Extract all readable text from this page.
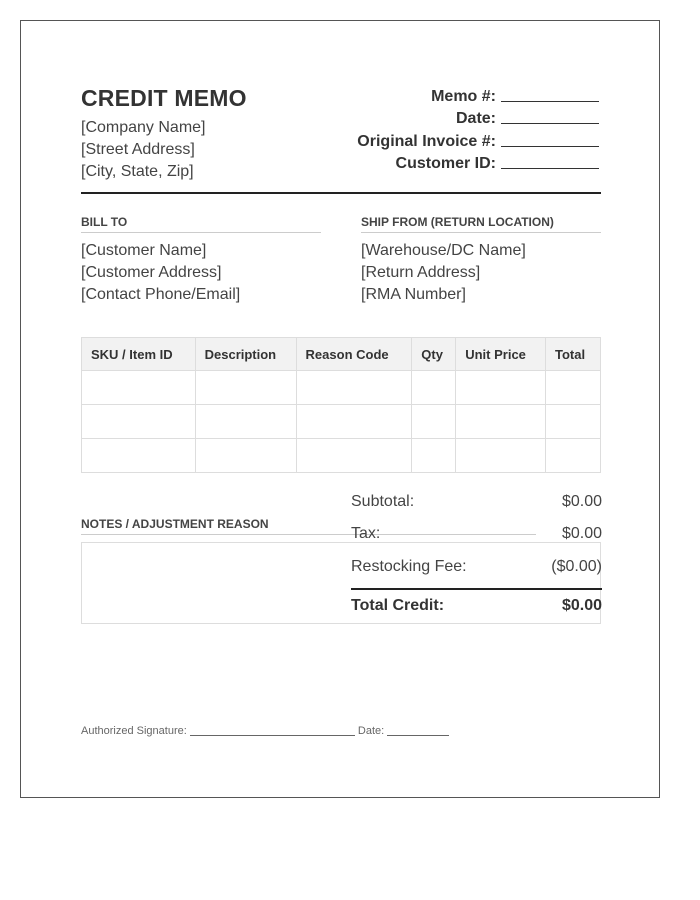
CREDIT MEMO
[Company Name]
[Street Address]
[City, State, Zip]
Memo #:
Date:
Original Invoice #:
Customer ID:
BILL TO
[Customer Name]
[Customer Address]
[Contact Phone/Email]
SHIP FROM (RETURN LOCATION)
[Warehouse/DC Name]
[Return Address]
[RMA Number]
SKU / Item ID	Description	Reason Code	Qty	Unit Price	Total

NOTES / ADJUSTMENT REASON
Subtotal:	$0.00
Tax:	$0.00
Restocking Fee:	($0.00)
Total Credit:	$0.00
Authorized Signature:	Date:
